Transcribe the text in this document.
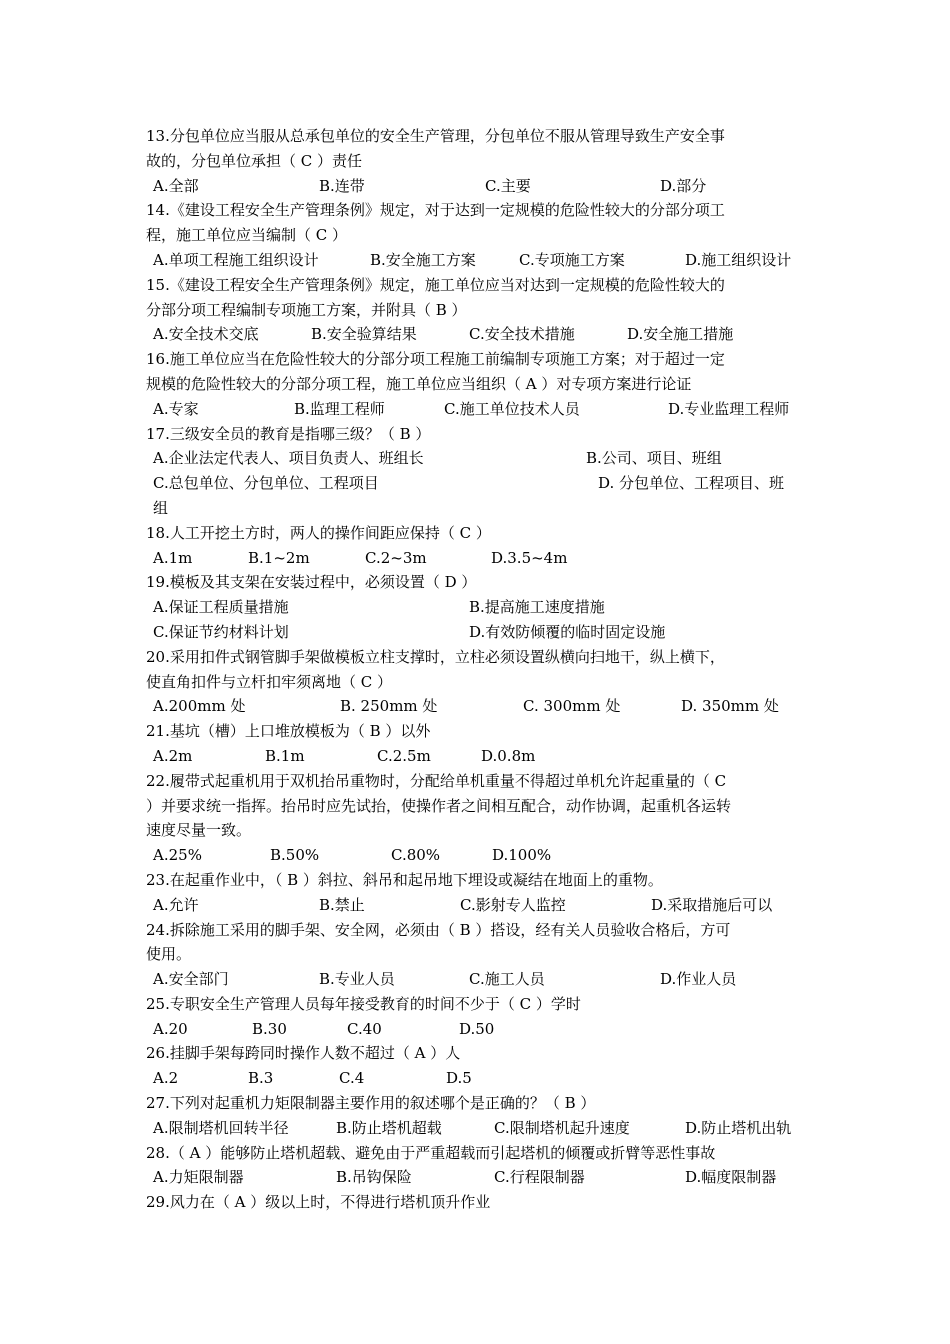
13.分包单位应当服从总承包单位的安全生产管理，分包单位不服从管理导致生产安全事
故的，分包单位承担（ C ）责任
A.全部	B.连带	C.主要	D.部分
14.《建设工程安全生产管理条例》规定，对于达到一定规模的危险性较大的分部分项工
程，施工单位应当编制（ C ）
A.单项工程施工组织设计	B.安全施工方案	C.专项施工方案	D.施工组织设计
15.《建设工程安全生产管理条例》规定，施工单位应当对达到一定规模的危险性较大的
分部分项工程编制专项施工方案，并附具（ B ）
A.安全技术交底	B.安全验算结果	C.安全技术措施	D.安全施工措施
16.施工单位应当在危险性较大的分部分项工程施工前编制专项施工方案；对于超过一定
规模的危险性较大的分部分项工程，施工单位应当组织（ A ）对专项方案进行论证
A.专家	B.监理工程师	C.施工单位技术人员	D.专业监理工程师
17.三级安全员的教育是指哪三级？（ B ）
A.企业法定代表人、项目负责人、班组长	B.公司、项目、班组
C.总包单位、分包单位、工程项目	D. 分包单位、工程项目、班
组
18.人工开挖土方时，两人的操作间距应保持（ C ）
A.1m	B.1~2m	C.2~3m	D.3.5~4m
19.模板及其支架在安装过程中，必须设置（ D ）
A.保证工程质量措施	B.提高施工速度措施
C.保证节约材料计划	D.有效防倾覆的临时固定设施
20.采用扣件式钢管脚手架做模板立柱支撑时，立柱必须设置纵横向扫地干，纵上横下，
使直角扣件与立杆扣牢须离地（ C ）
A.200mm 处	B. 250mm 处	C. 300mm 处	D. 350mm 处
21.基坑（槽）上口堆放模板为（ B ）以外
A.2m	B.1m	C.2.5m	D.0.8m
22.履带式起重机用于双机抬吊重物时，分配给单机重量不得超过单机允许起重量的（ C
）并要求统一指挥。抬吊时应先试抬，使操作者之间相互配合，动作协调，起重机各运转
速度尽量一致。
A.25%	B.50%	C.80%	D.100%
23.在起重作业中，（ B ）斜拉、斜吊和起吊地下埋设或凝结在地面上的重物。
A.允许	B.禁止	C.影射专人监控	D.采取措施后可以
24.拆除施工采用的脚手架、安全网，必须由（ B ）搭设，经有关人员验收合格后，方可
使用。
A.安全部门	B.专业人员	C.施工人员	D.作业人员
25.专职安全生产管理人员每年接受教育的时间不少于（ C ）学时
A.20	B.30	C.40	D.50
26.挂脚手架每跨同时操作人数不超过（ A ）人
A.2	B.3	C.4	D.5
27.下列对起重机力矩限制器主要作用的叙述哪个是正确的？（ B ）
A.限制塔机回转半径	B.防止塔机超载	C.限制塔机起升速度	D.防止塔机出轨
28.（ A ）能够防止塔机超载、避免由于严重超载而引起塔机的倾覆或折臂等恶性事故
A.力矩限制器	B.吊钩保险	C.行程限制器	D.幅度限制器
29.风力在（ A ）级以上时，不得进行塔机顶升作业
